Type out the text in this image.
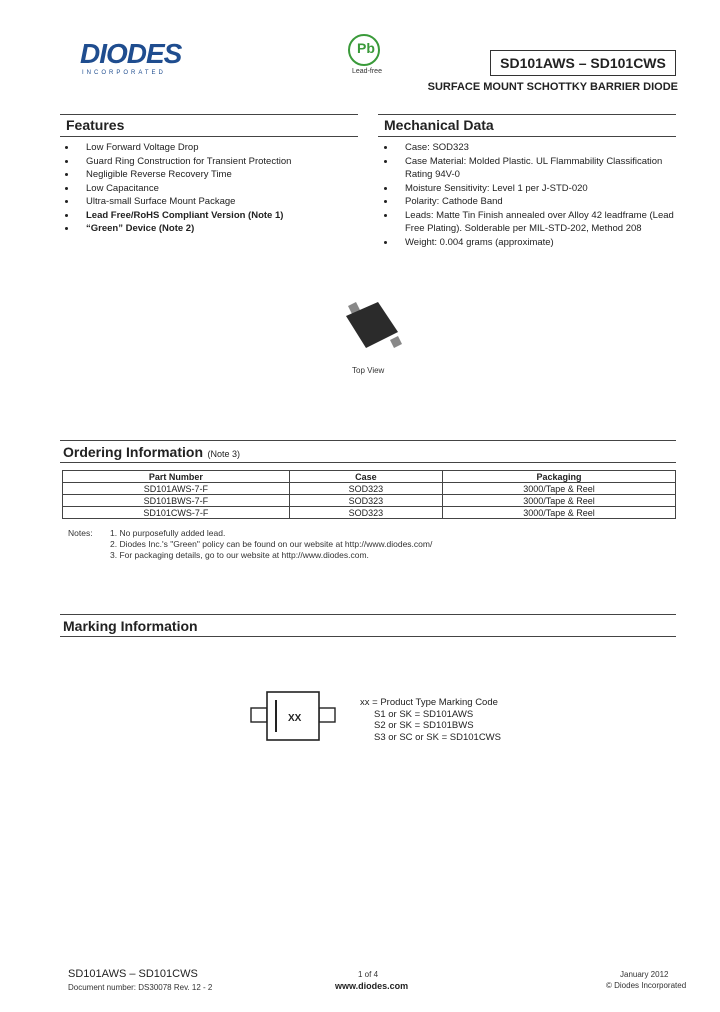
DIODES
INCORPORATED
Pb
Lead-free
SD101AWS – SD101CWS
SURFACE MOUNT SCHOTTKY BARRIER DIODE
Features
Low Forward Voltage Drop
Guard Ring Construction for Transient Protection
Negligible Reverse Recovery Time
Low Capacitance
Ultra-small Surface Mount Package
Lead Free/RoHS Compliant Version (Note 1)
“Green” Device (Note 2)
Mechanical Data
Case: SOD323
Case Material: Molded Plastic. UL Flammability Classification Rating 94V-0
Moisture Sensitivity: Level 1 per J-STD-020
Polarity: Cathode Band
Leads: Matte Tin Finish annealed over Alloy 42 leadframe (Lead Free Plating). Solderable per MIL-STD-202, Method 208
Weight: 0.004 grams (approximate)
Top View
Ordering Information (Note 3)
Part Number	Case	Packaging
SD101AWS-7-F	SOD323	3000/Tape & Reel
SD101BWS-7-F	SOD323	3000/Tape & Reel
SD101CWS-7-F	SOD323	3000/Tape & Reel
Notes: 1. No purposefully added lead.
2. Diodes Inc.'s "Green" policy can be found on our website at http://www.diodes.com/
3. For packaging details, go to our website at http://www.diodes.com.
Marking Information
XX
xx = Product Type Marking Code
S1 or SK = SD101AWS
S2 or SK = SD101BWS
S3 or SC or SK = SD101CWS
SD101AWS – SD101CWS
Document number: DS30078 Rev. 12 - 2
1 of 4
www.diodes.com
January 2012
© Diodes Incorporated
